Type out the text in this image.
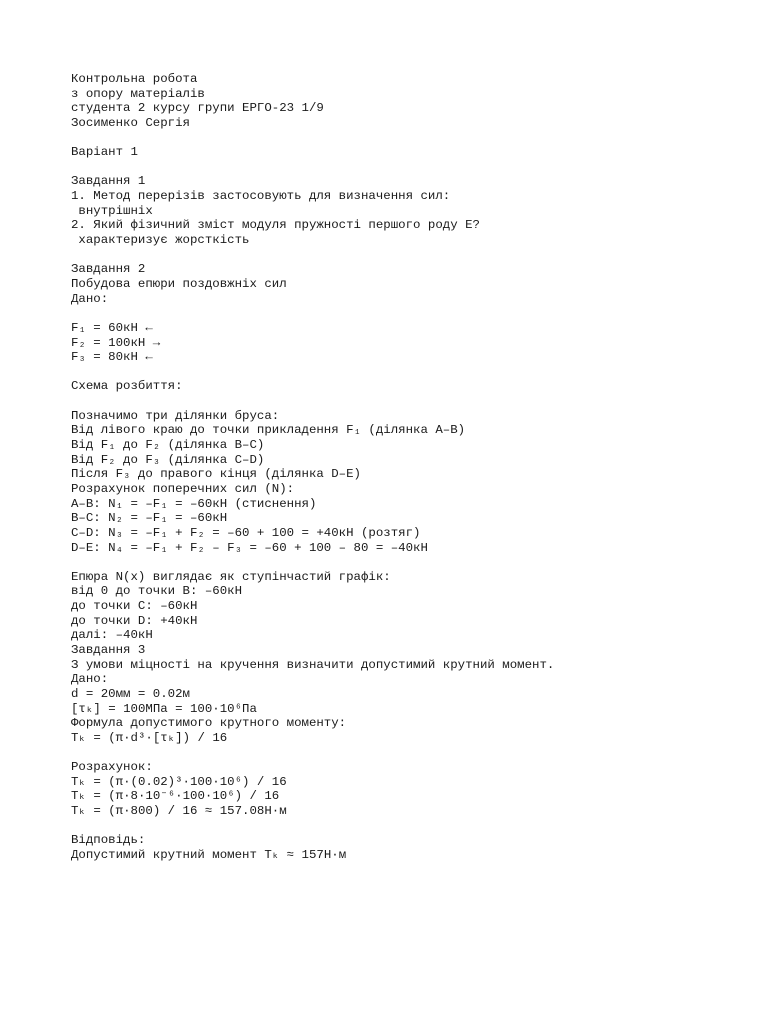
Контрольна робота
з опору матеріалів
студента 2 курсу групи ЕРГО-23 1/9
Зосименко Сергія
Варіант 1
Завдання 1
1. Метод перерізів застосовують для визначення сил:
внутрішніх
2. Який фізичний зміст модуля пружності першого роду E?
характеризує жорсткість
Завдання 2
Побудова епюри поздовжніх сил
Дано:
F₁ = 60кН ←
F₂ = 100кН →
F₃ = 80кН ←
Схема розбиття:
Позначимо три ділянки бруса:
Від лівого краю до точки прикладення F₁ (ділянка A–B)
Від F₁ до F₂ (ділянка B–C)
Від F₂ до F₃ (ділянка C–D)
Після F₃ до правого кінця (ділянка D–E)
Розрахунок поперечних сил (N):
A–B: N₁ = –F₁ = –60кН (стиснення)
B–C: N₂ = –F₁ = –60кН
C–D: N₃ = –F₁ + F₂ = –60 + 100 = +40кН (розтяг)
D–E: N₄ = –F₁ + F₂ – F₃ = –60 + 100 – 80 = –40кН
Епюра N(x) виглядає як ступінчастий графік:
від 0 до точки B: –60кН
до точки C: –60кН
до точки D: +40кН
далі: –40кН
Завдання 3
З умови міцності на кручення визначити допустимий крутний момент.
Дано:
d = 20мм = 0.02м
[τₖ] = 100МПа = 100·10⁶Па
Формула допустимого крутного моменту:
Tₖ = (π·d³·[τₖ]) / 16
Розрахунок:
Tₖ = (π·(0.02)³·100·10⁶) / 16
Tₖ = (π·8·10⁻⁶·100·10⁶) / 16
Tₖ = (π·800) / 16 ≈ 157.08Н·м
Відповідь:
Допустимий крутний момент Tₖ ≈ 157Н·м
